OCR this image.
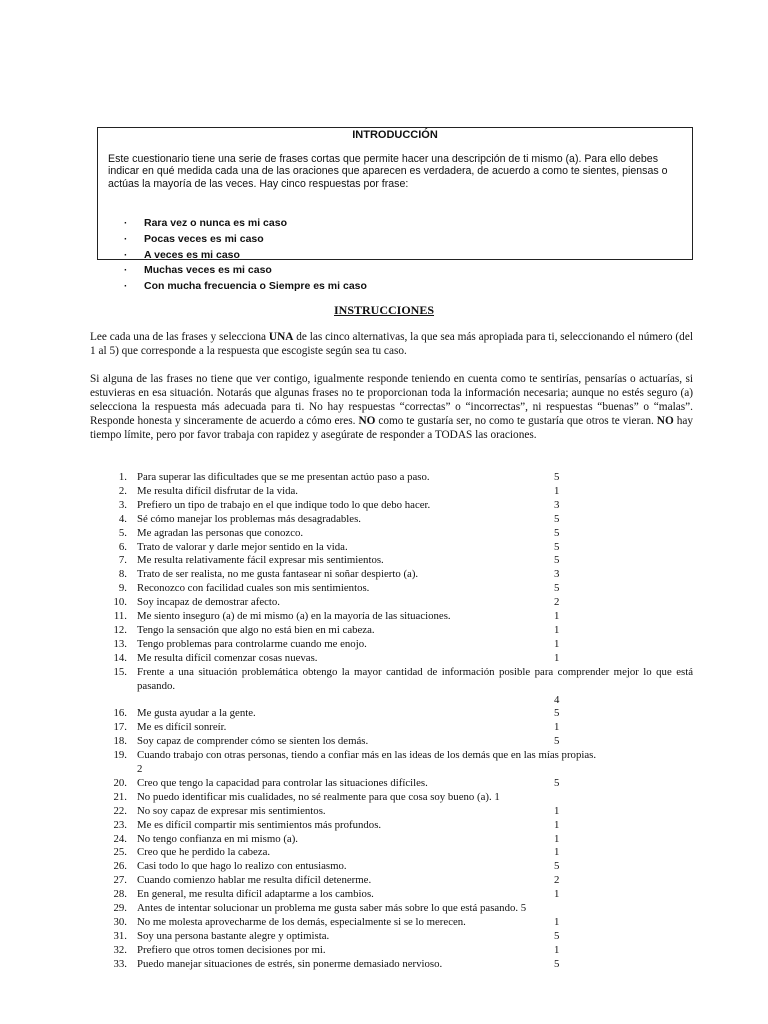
INTRODUCCIÓN

Este cuestionario tiene una serie de frases cortas que permite hacer una descripción de ti mismo (a). Para ello debes indicar en qué medida cada una de las oraciones que aparecen es verdadera, de acuerdo a como te sientes, piensas o actúas la mayoría de las veces. Hay cinco respuestas por frase:

· Rara vez o nunca es mi caso
· Pocas veces es mi caso
· A veces es mi caso
· Muchas veces es mi caso
· Con mucha frecuencia o Siempre es mi caso
INSTRUCCIONES

Lee cada una de las frases y selecciona UNA de las cinco alternativas, la que sea más apropiada para ti, seleccionando el número (del 1 al 5) que corresponde a la respuesta que escogiste según sea tu caso.

Si alguna de las frases no tiene que ver contigo, igualmente responde teniendo en cuenta como te sentirías, pensarías o actuarías, si estuvieras en esa situación. Notarás que algunas frases no te proporcionan toda la información necesaria; aunque no estés seguro (a) selecciona la respuesta más adecuada para ti. No hay respuestas “correctas” o “incorrectas”, ni respuestas “buenas” o “malas”. Responde honesta y sinceramente de acuerdo a cómo eres. NO como te gustaría ser, no como te gustaría que otros te vieran. NO hay tiempo límite, pero por favor trabaja con rapidez y asegúrate de responder a TODAS las oraciones.

1. Para superar las dificultades que se me presentan actúo paso a paso.	5
2. Me resulta difícil disfrutar de la vida.	1
3. Prefiero un tipo de trabajo en el que indique todo lo que debo hacer.	3
4. Sé cómo manejar los problemas más desagradables.	5
5. Me agradan las personas que conozco.	5
6. Trato de valorar y darle mejor sentido en la vida.	5
7. Me resulta relativamente fácil expresar mis sentimientos.	5
8. Trato de ser realista, no me gusta fantasear ni soñar despierto (a).	3
9. Reconozco con facilidad cuales son mis sentimientos.	5
10. Soy incapaz de demostrar afecto.	2
11. Me siento inseguro (a) de mi mismo (a) en la mayoría de las situaciones.	1
12. Tengo la sensación que algo no está bien en mi cabeza.	1
13. Tengo problemas para controlarme cuando me enojo.	1
14. Me resulta difícil comenzar cosas nuevas.	1
15. Frente a una situación problemática obtengo la mayor cantidad de información posible para comprender mejor lo que está pasando.
4
16. Me gusta ayudar a la gente.	5
17. Me es difícil sonreír.	1
18. Soy capaz de comprender cómo se sienten los demás.	5
19. Cuando trabajo con otras personas, tiendo a confiar más en las ideas de los demás que en las mías propias.
2
20. Creo que tengo la capacidad para controlar las situaciones difíciles.	5
21. No puedo identificar mis cualidades, no sé realmente para que cosa soy bueno (a). 1
22. No soy capaz de expresar mis sentimientos.	1
23. Me es difícil compartir mis sentimientos más profundos.	1
24. No tengo confianza en mi mismo (a).	1
25. Creo que he perdido la cabeza.	1
26. Casi todo lo que hago lo realizo con entusiasmo.	5
27. Cuando comienzo hablar me resulta difícil detenerme.	2
28. En general, me resulta difícil adaptarme a los cambios.	1
29. Antes de intentar solucionar un problema me gusta saber más sobre lo que está pasando. 5
30. No me molesta aprovecharme de los demás, especialmente si se lo merecen.	1
31. Soy una persona bastante alegre y optimista.	5
32. Prefiero que otros tomen decisiones por mi.	1
33. Puedo manejar situaciones de estrés, sin ponerme demasiado nervioso.	5
